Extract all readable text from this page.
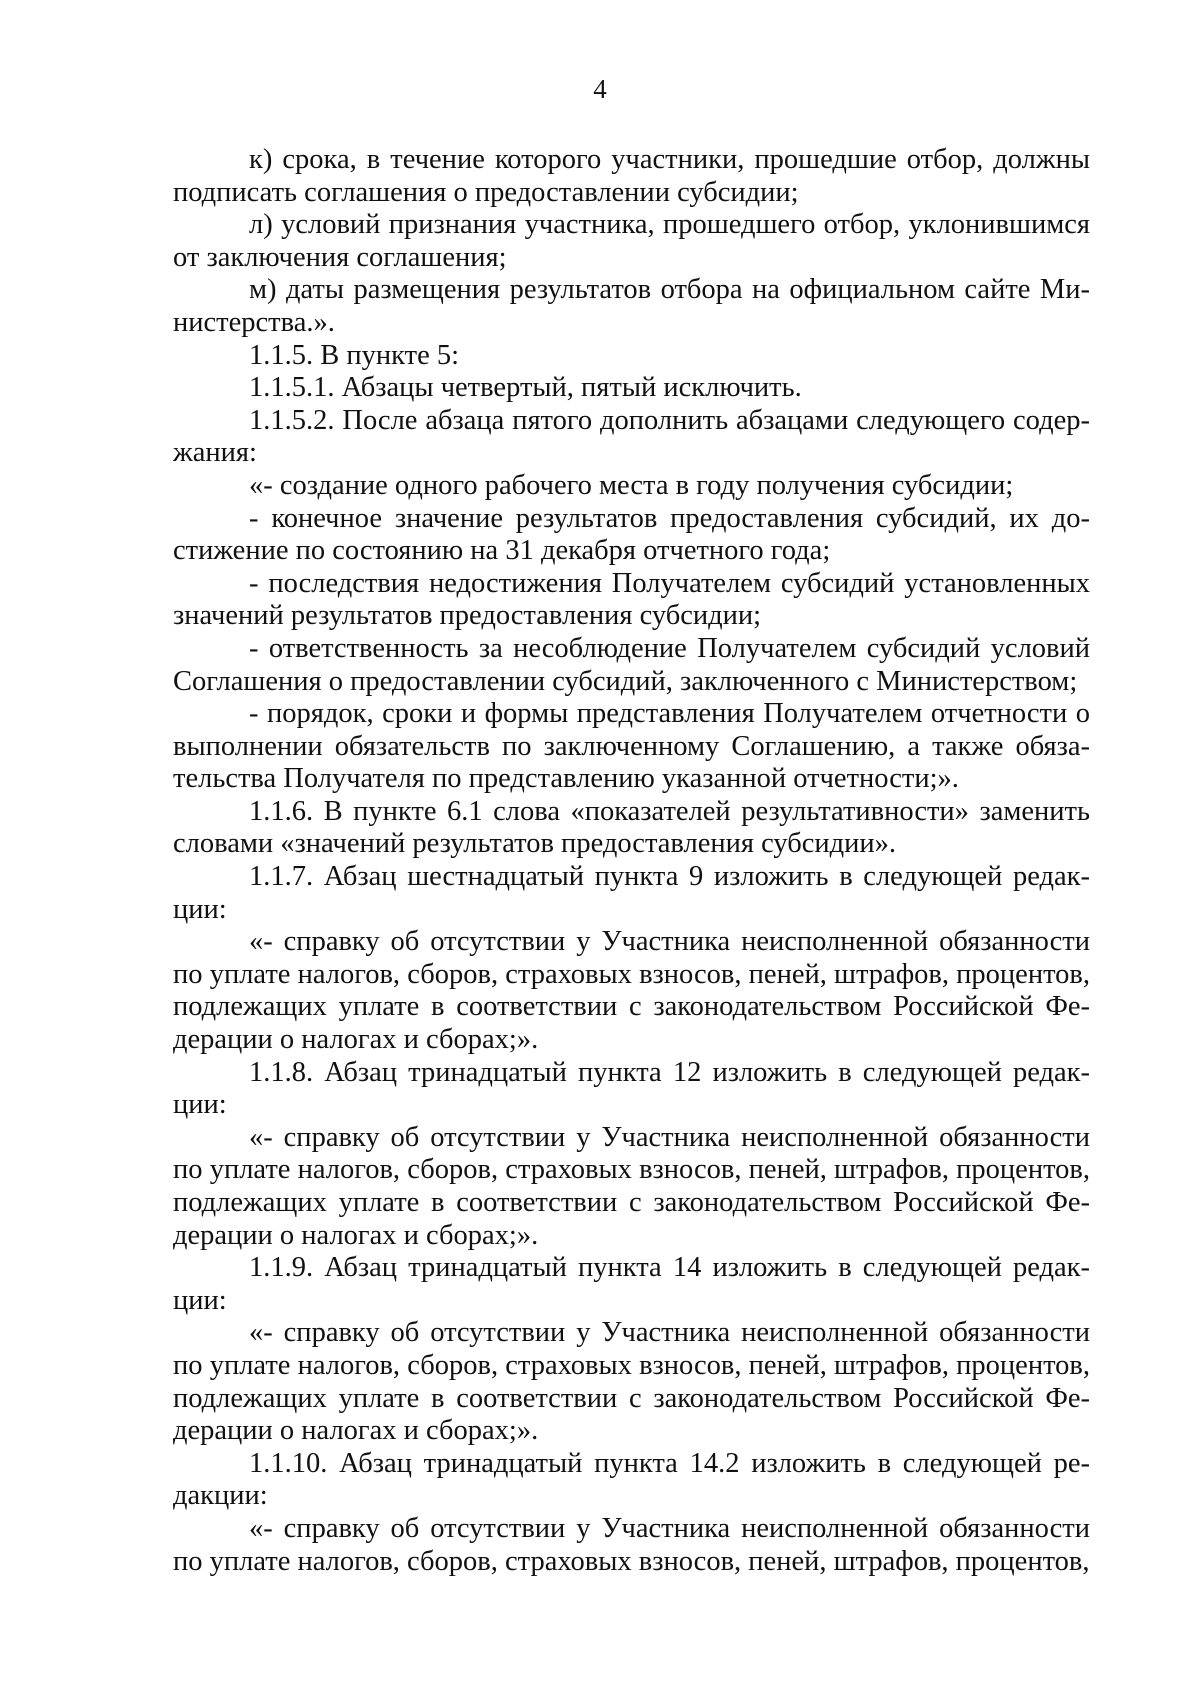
4

к) срока, в течение которого участники, прошедшие отбор, должны подписать соглашения о предоставлении субсидии;

л) условий признания участника, прошедшего отбор, уклонившимся от заключения соглашения;

м) даты размещения результатов отбора на официальном сайте Министерства.».

1.1.5. В пункте 5:

1.1.5.1. Абзацы четвертый, пятый исключить.

1.1.5.2. После абзаца пятого дополнить абзацами следующего содержания:

«- создание одного рабочего места в году получения субсидии;

- конечное значение результатов предоставления субсидий, их достижение по состоянию на 31 декабря отчетного года;

- последствия недостижения Получателем субсидий установленных значений результатов предоставления субсидии;

- ответственность за несоблюдение Получателем субсидий условий Соглашения о предоставлении субсидий, заключенного с Министерством;

- порядок, сроки и формы представления Получателем отчетности о выполнении обязательств по заключенному Соглашению, а также обязательства Получателя по представлению указанной отчетности;».

1.1.6. В пункте 6.1 слова «показателей результативности» заменить словами «значений результатов предоставления субсидии».

1.1.7. Абзац шестнадцатый пункта 9 изложить в следующей редакции:

«- справку об отсутствии у Участника неисполненной обязанности по уплате налогов, сборов, страховых взносов, пеней, штрафов, процентов, подлежащих уплате в соответствии с законодательством Российской Федерации о налогах и сборах;».

1.1.8. Абзац тринадцатый пункта 12 изложить в следующей редакции:

«- справку об отсутствии у Участника неисполненной обязанности по уплате налогов, сборов, страховых взносов, пеней, штрафов, процентов, подлежащих уплате в соответствии с законодательством Российской Федерации о налогах и сборах;».

1.1.9. Абзац тринадцатый пункта 14 изложить в следующей редакции:

«- справку об отсутствии у Участника неисполненной обязанности по уплате налогов, сборов, страховых взносов, пеней, штрафов, процентов, подлежащих уплате в соответствии с законодательством Российской Федерации о налогах и сборах;».

1.1.10. Абзац тринадцатый пункта 14.2 изложить в следующей редакции:

«- справку об отсутствии у Участника неисполненной обязанности по уплате налогов, сборов, страховых взносов, пеней, штрафов, процентов,
